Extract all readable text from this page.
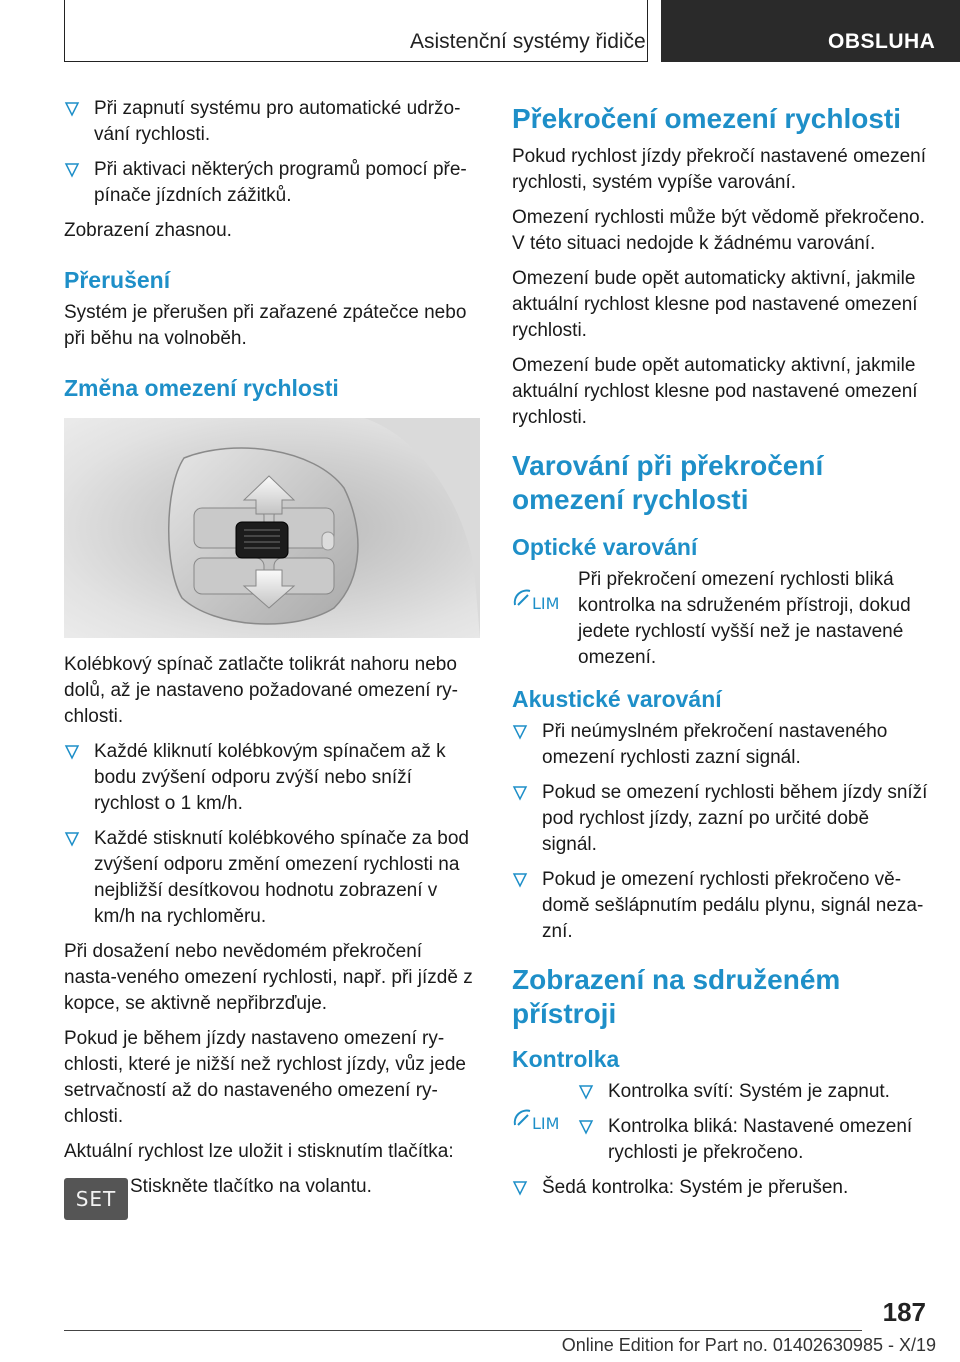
Asistenční systémy řidiče	OBSLUHA
Při zapnutí systému pro automatické udržo-vání rychlosti.
Při aktivaci některých programů pomocí pře-pínače jízdních zážitků.

Zobrazení zhasnou.

Přerušení

Systém je přerušen při zařazené zpátečce nebo při běhu na volnoběh.

Změna omezení rychlosti

Kolébkový spínač zatlačte tolikrát nahoru nebo dolů, až je nastaveno požadované omezení ry-chlosti.

Každé kliknutí kolébkovým spínačem až k bodu zvýšení odporu zvýší nebo sníží rychlost o 1 km/h.
Každé stisknutí kolébkového spínače za bod zvýšení odporu změní omezení rychlosti na nejbližší desítkovou hodnotu zobrazení v km/h na rychloměru.

Při dosažení nebo nevědomém překročení nasta-veného omezení rychlosti, např. při jízdě z kopce, se aktivně nepřibrzďuje.

Pokud je během jízdy nastaveno omezení ry-chlosti, které je nižší než rychlost jízdy, vůz jede setrvačností až do nastaveného omezení ry-chlosti.

Aktuální rychlost lze uložit i stisknutím tlačítka:

SET

Stiskněte tlačítko na volantu.

Překročení omezení rychlosti

Pokud rychlost jízdy překročí nastavené omezení rychlosti, systém vypíše varování.

Omezení rychlosti může být vědomě překročeno. V této situaci nedojde k žádnému varování.

Omezení bude opět automaticky aktivní, jakmile aktuální rychlost klesne pod nastavené omezení rychlosti.

Omezení bude opět automaticky aktivní, jakmile aktuální rychlost klesne pod nastavené omezení rychlosti.

Varování při překročení omezení rychlosti
Optické varování
LIM

Při překročení omezení rychlosti bliká kontrolka na sdruženém přístroji, dokud jedete rychlostí vyšší než je nastavené omezení.

Akustické varování
Při neúmyslném překročení nastaveného omezení rychlosti zazní signál.
Pokud se omezení rychlosti během jízdy sníží pod rychlost jízdy, zazní po určité době signál.
Pokud je omezení rychlosti překročeno vě-domě sešlápnutím pedálu plynu, signál neza-zní.
Zobrazení na sdruženém přístroji
Kontrolka
LIM
Kontrolka svítí: Systém je zapnut.
Kontrolka bliká: Nastavené omezení rychlosti je překročeno.
Šedá kontrolka: Systém je přerušen.
187
Online Edition for Part no. 01402630985 - X/19
